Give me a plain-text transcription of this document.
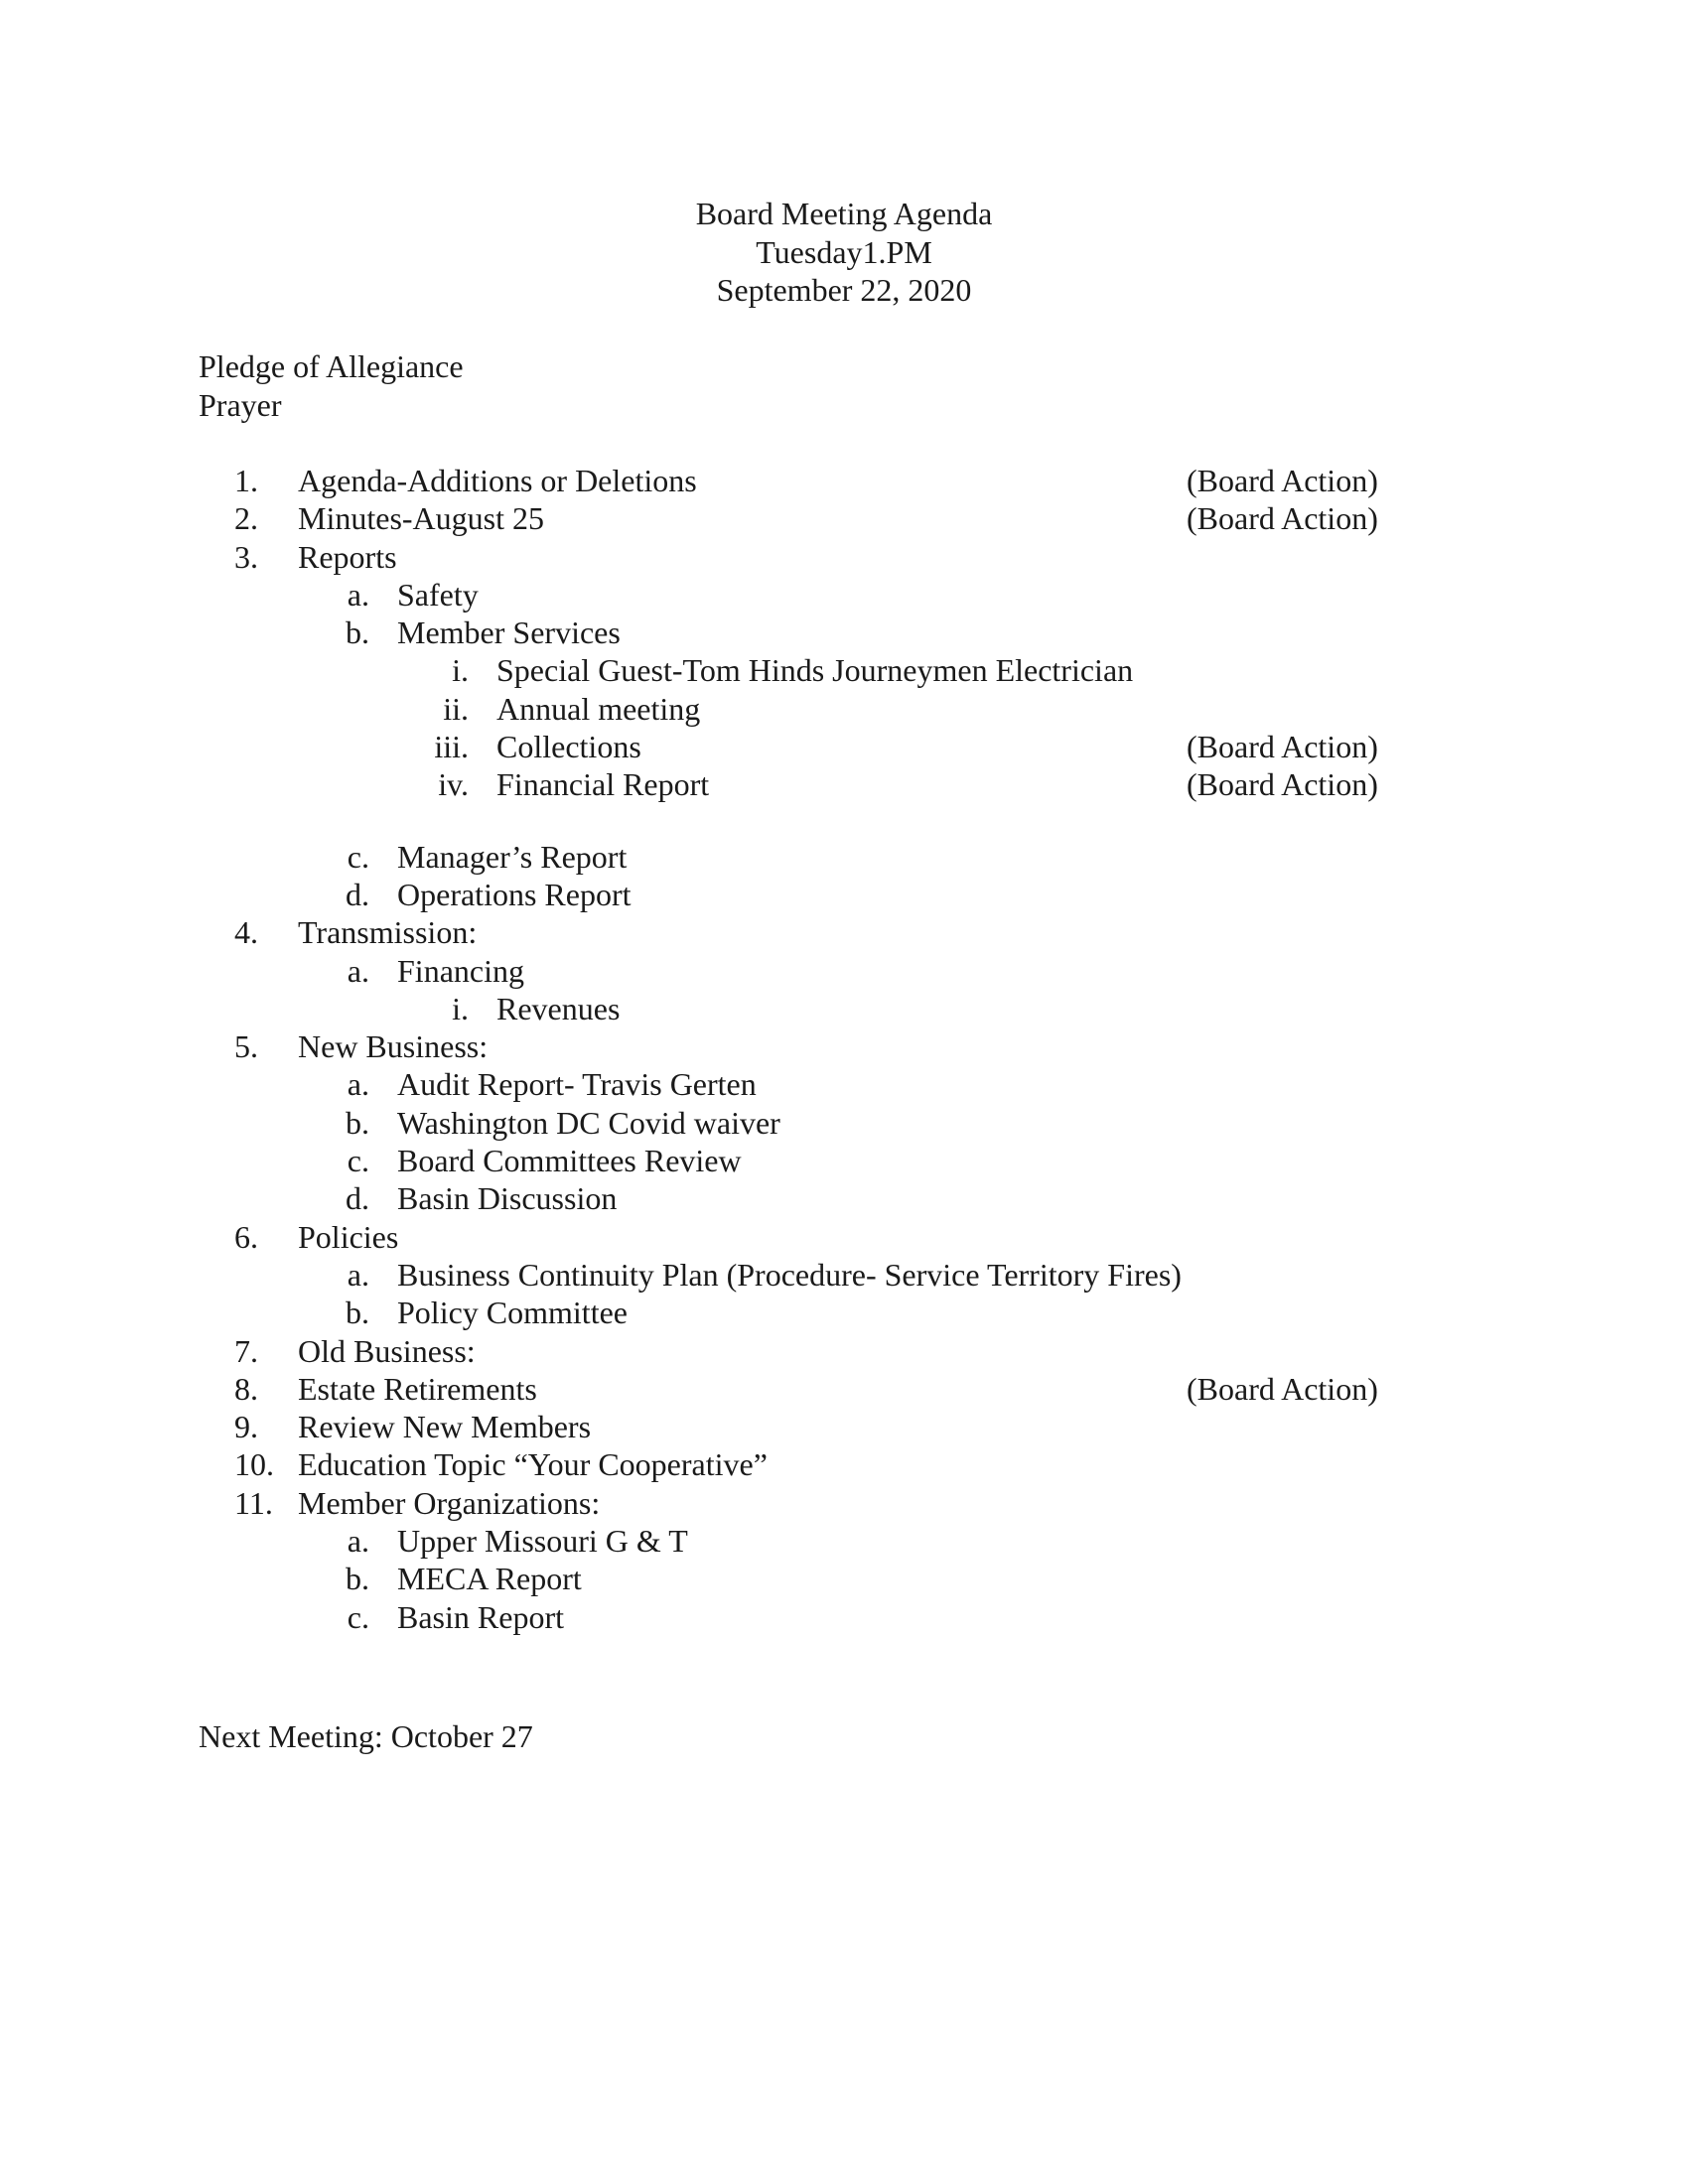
Board Meeting Agenda
Tuesday1.PM
September 22, 2020
Pledge of Allegiance
Prayer
1.	Agenda-Additions or Deletions	(Board Action)
2.	Minutes-August 25	(Board Action)
3.	Reports
a. Safety
b. Member Services
i. Special Guest-Tom Hinds Journeymen Electrician
ii. Annual meeting
iii. Collections	(Board Action)
iv. Financial Report	(Board Action)
c. Manager’s Report
d. Operations Report
4.	Transmission:
a. Financing
i. Revenues
5.	New Business:
a. Audit Report- Travis Gerten
b. Washington DC Covid waiver
c. Board Committees Review
d. Basin Discussion
6.	Policies
a. Business Continuity Plan (Procedure- Service Territory Fires)
b. Policy Committee
7.	Old Business:
8.	Estate Retirements	(Board Action)
9.	Review New Members
10. Education Topic “Your Cooperative”
11. Member Organizations:
a. Upper Missouri G & T
b. MECA Report
c. Basin Report
Next Meeting: October 27
